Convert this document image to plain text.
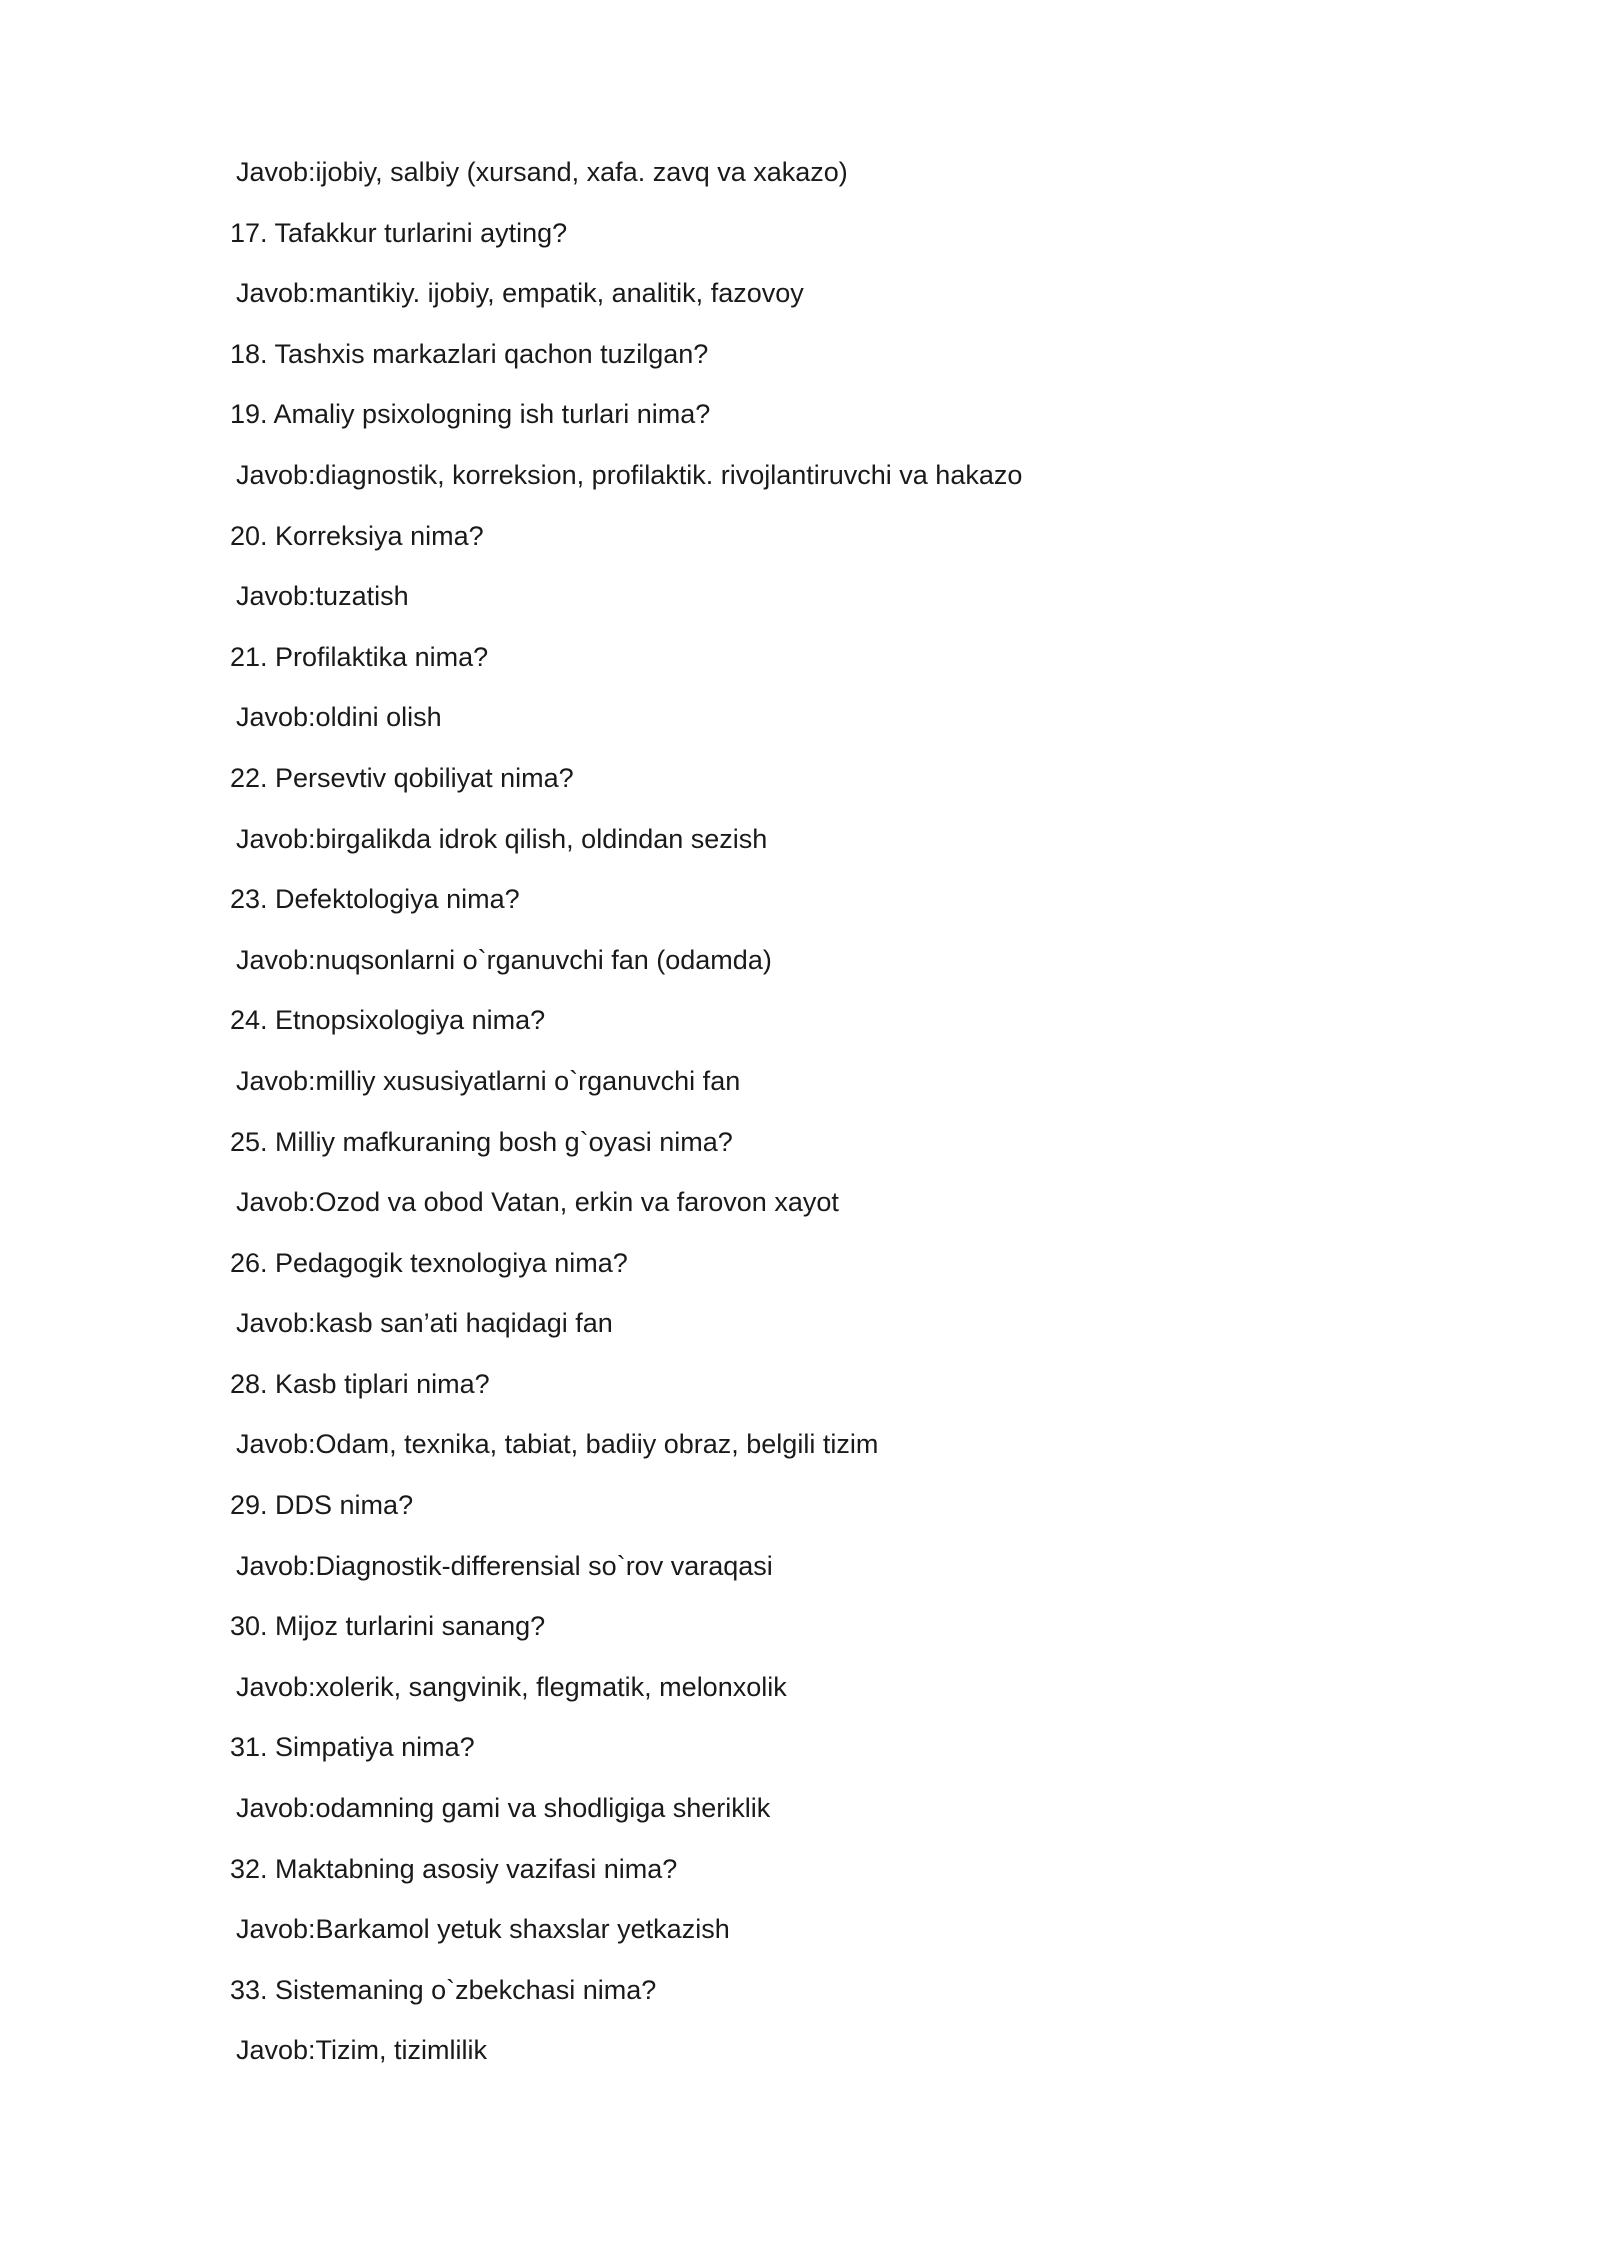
Javob:ijobiy, salbiy (xursand, xafa. zavq va xakazo)

17. Tafakkur turlarini ayting?

Javob:mantikiy. ijobiy, empatik, analitik, fazovoy

18. Tashxis markazlari qachon tuzilgan?

19. Amaliy psixologning ish turlari nima?

Javob:diagnostik, korreksion, profilaktik. rivojlantiruvchi va hakazo

20. Korreksiya nima?

Javob:tuzatish

21. Profilaktika nima?

Javob:oldini olish

22. Persevtiv qobiliyat nima?

Javob:birgalikda idrok qilish, oldindan sezish

23. Defektologiya nima?

Javob:nuqsonlarni o`rganuvchi fan (odamda)

24. Etnopsixologiya nima?

Javob:milliy xususiyatlarni o`rganuvchi fan

25. Milliy mafkuraning bosh g`oyasi nima?

Javob:Ozod va obod Vatan, erkin va farovon xayot

26. Pedagogik texnologiya nima?

Javob:kasb san’ati haqidagi fan

28. Kasb tiplari nima?

Javob:Odam, texnika, tabiat, badiiy obraz, belgili tizim

29. DDS nima?

Javob:Diagnostik-differensial so`rov varaqasi

30. Mijoz turlarini sanang?

Javob:xolerik, sangvinik, flegmatik, melonxolik

31. Simpatiya nima?

Javob:odamning gami va shodligiga sheriklik

32. Maktabning asosiy vazifasi nima?

Javob:Barkamol yetuk shaxslar yetkazish

33. Sistemaning o`zbekchasi nima?

Javob:Tizim, tizimlilik
